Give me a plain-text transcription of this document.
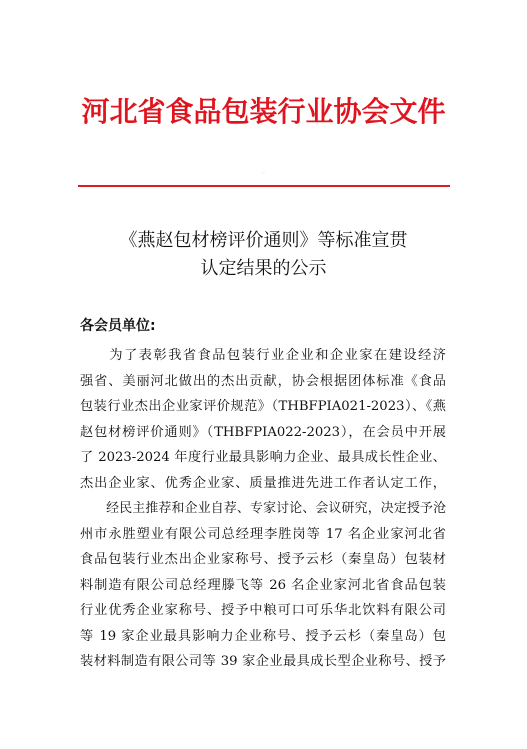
河北省食品包装行业协会文件
《燕赵包材榜评价通则》等标准宣贯
认定结果的公示
各会员单位:
　　为了表彰我省食品包装行业企业和企业家在建设经济
强省、美丽河北做出的杰出贡献，协会根据团体标准《食品
包装行业杰出企业家评价规范》（THBFPIA021-2023）、《燕
赵包材榜评价通则》（THBFPIA022-2023），在会员中开展
了 2023-2024 年度行业最具影响力企业、最具成长性企业、
杰出企业家、优秀企业家、质量推进先进工作者认定工作，
　　经民主推荐和企业自荐、专家讨论、会议研究，决定授予沧
州市永胜塑业有限公司总经理李胜岗等 17 名企业家河北省
食品包装行业杰出企业家称号、授予云杉（秦皇岛）包装材
料制造有限公司总经理滕飞等 26 名企业家河北省食品包装
行业优秀企业家称号、授予中粮可口可乐华北饮料有限公司
等 19 家企业最具影响力企业称号、授予云杉（秦皇岛）包
装材料制造有限公司等 39 家企业最具成长型企业称号、授予
